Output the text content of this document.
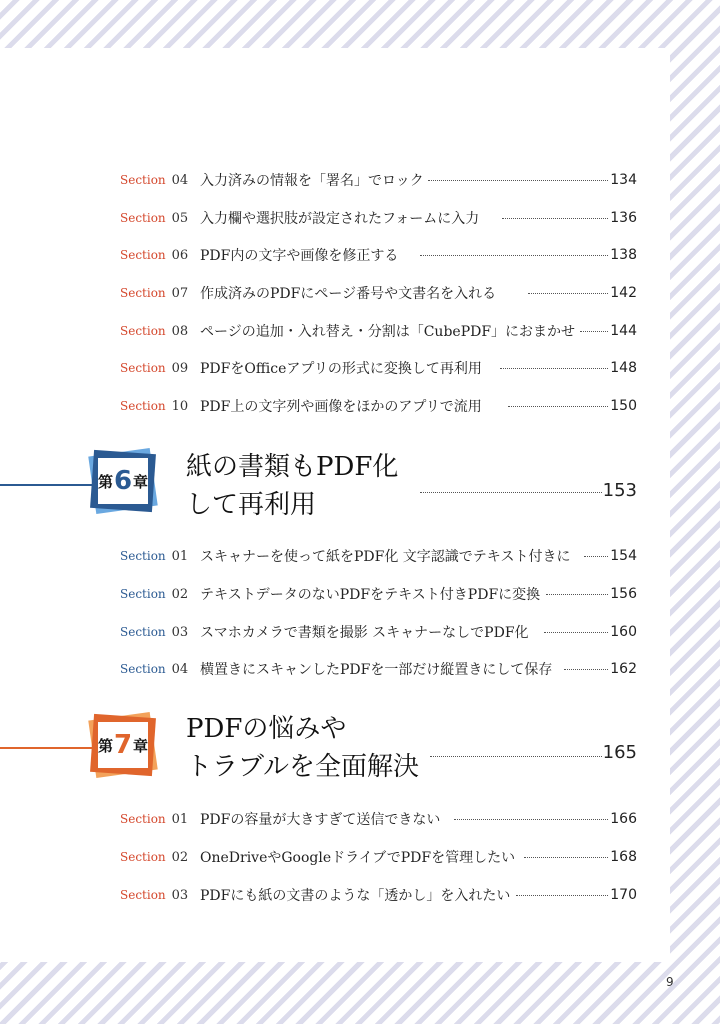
Section 04 入力済みの情報を「署名」でロック	134
Section 05 入力欄や選択肢が設定されたフォームに入力	136
Section 06 PDF内の文字や画像を修正する	138
Section 07 作成済みのPDFにページ番号や文書名を入れる	142
Section 08 ページの追加・入れ替え・分割は「CubePDF」におまかせ	144
Section 09 PDFをOfficeアプリの形式に変換して再利用	148
Section 10 PDF上の文字列や画像をほかのアプリで流用	150
第 6 章 紙の書類もPDF化
して再利用	153
Section 01 スキャナーを使って紙をPDF化 文字認識でテキスト付きに	154
Section 02 テキストデータのないPDFをテキスト付きPDFに変換	156
Section 03 スマホカメラで書類を撮影 スキャナーなしでPDF化	160
Section 04 横置きにスキャンしたPDFを一部だけ縦置きにして保存	162
第 7 章
PDFの悩みや
トラブルを全面解決	165
Section 01 PDFの容量が大きすぎて送信できない	166
Section 02 OneDriveやGoogleドライブでPDFを管理したい	168
Section 03 PDFにも紙の文書のような「透かし」を入れたい	170
9
